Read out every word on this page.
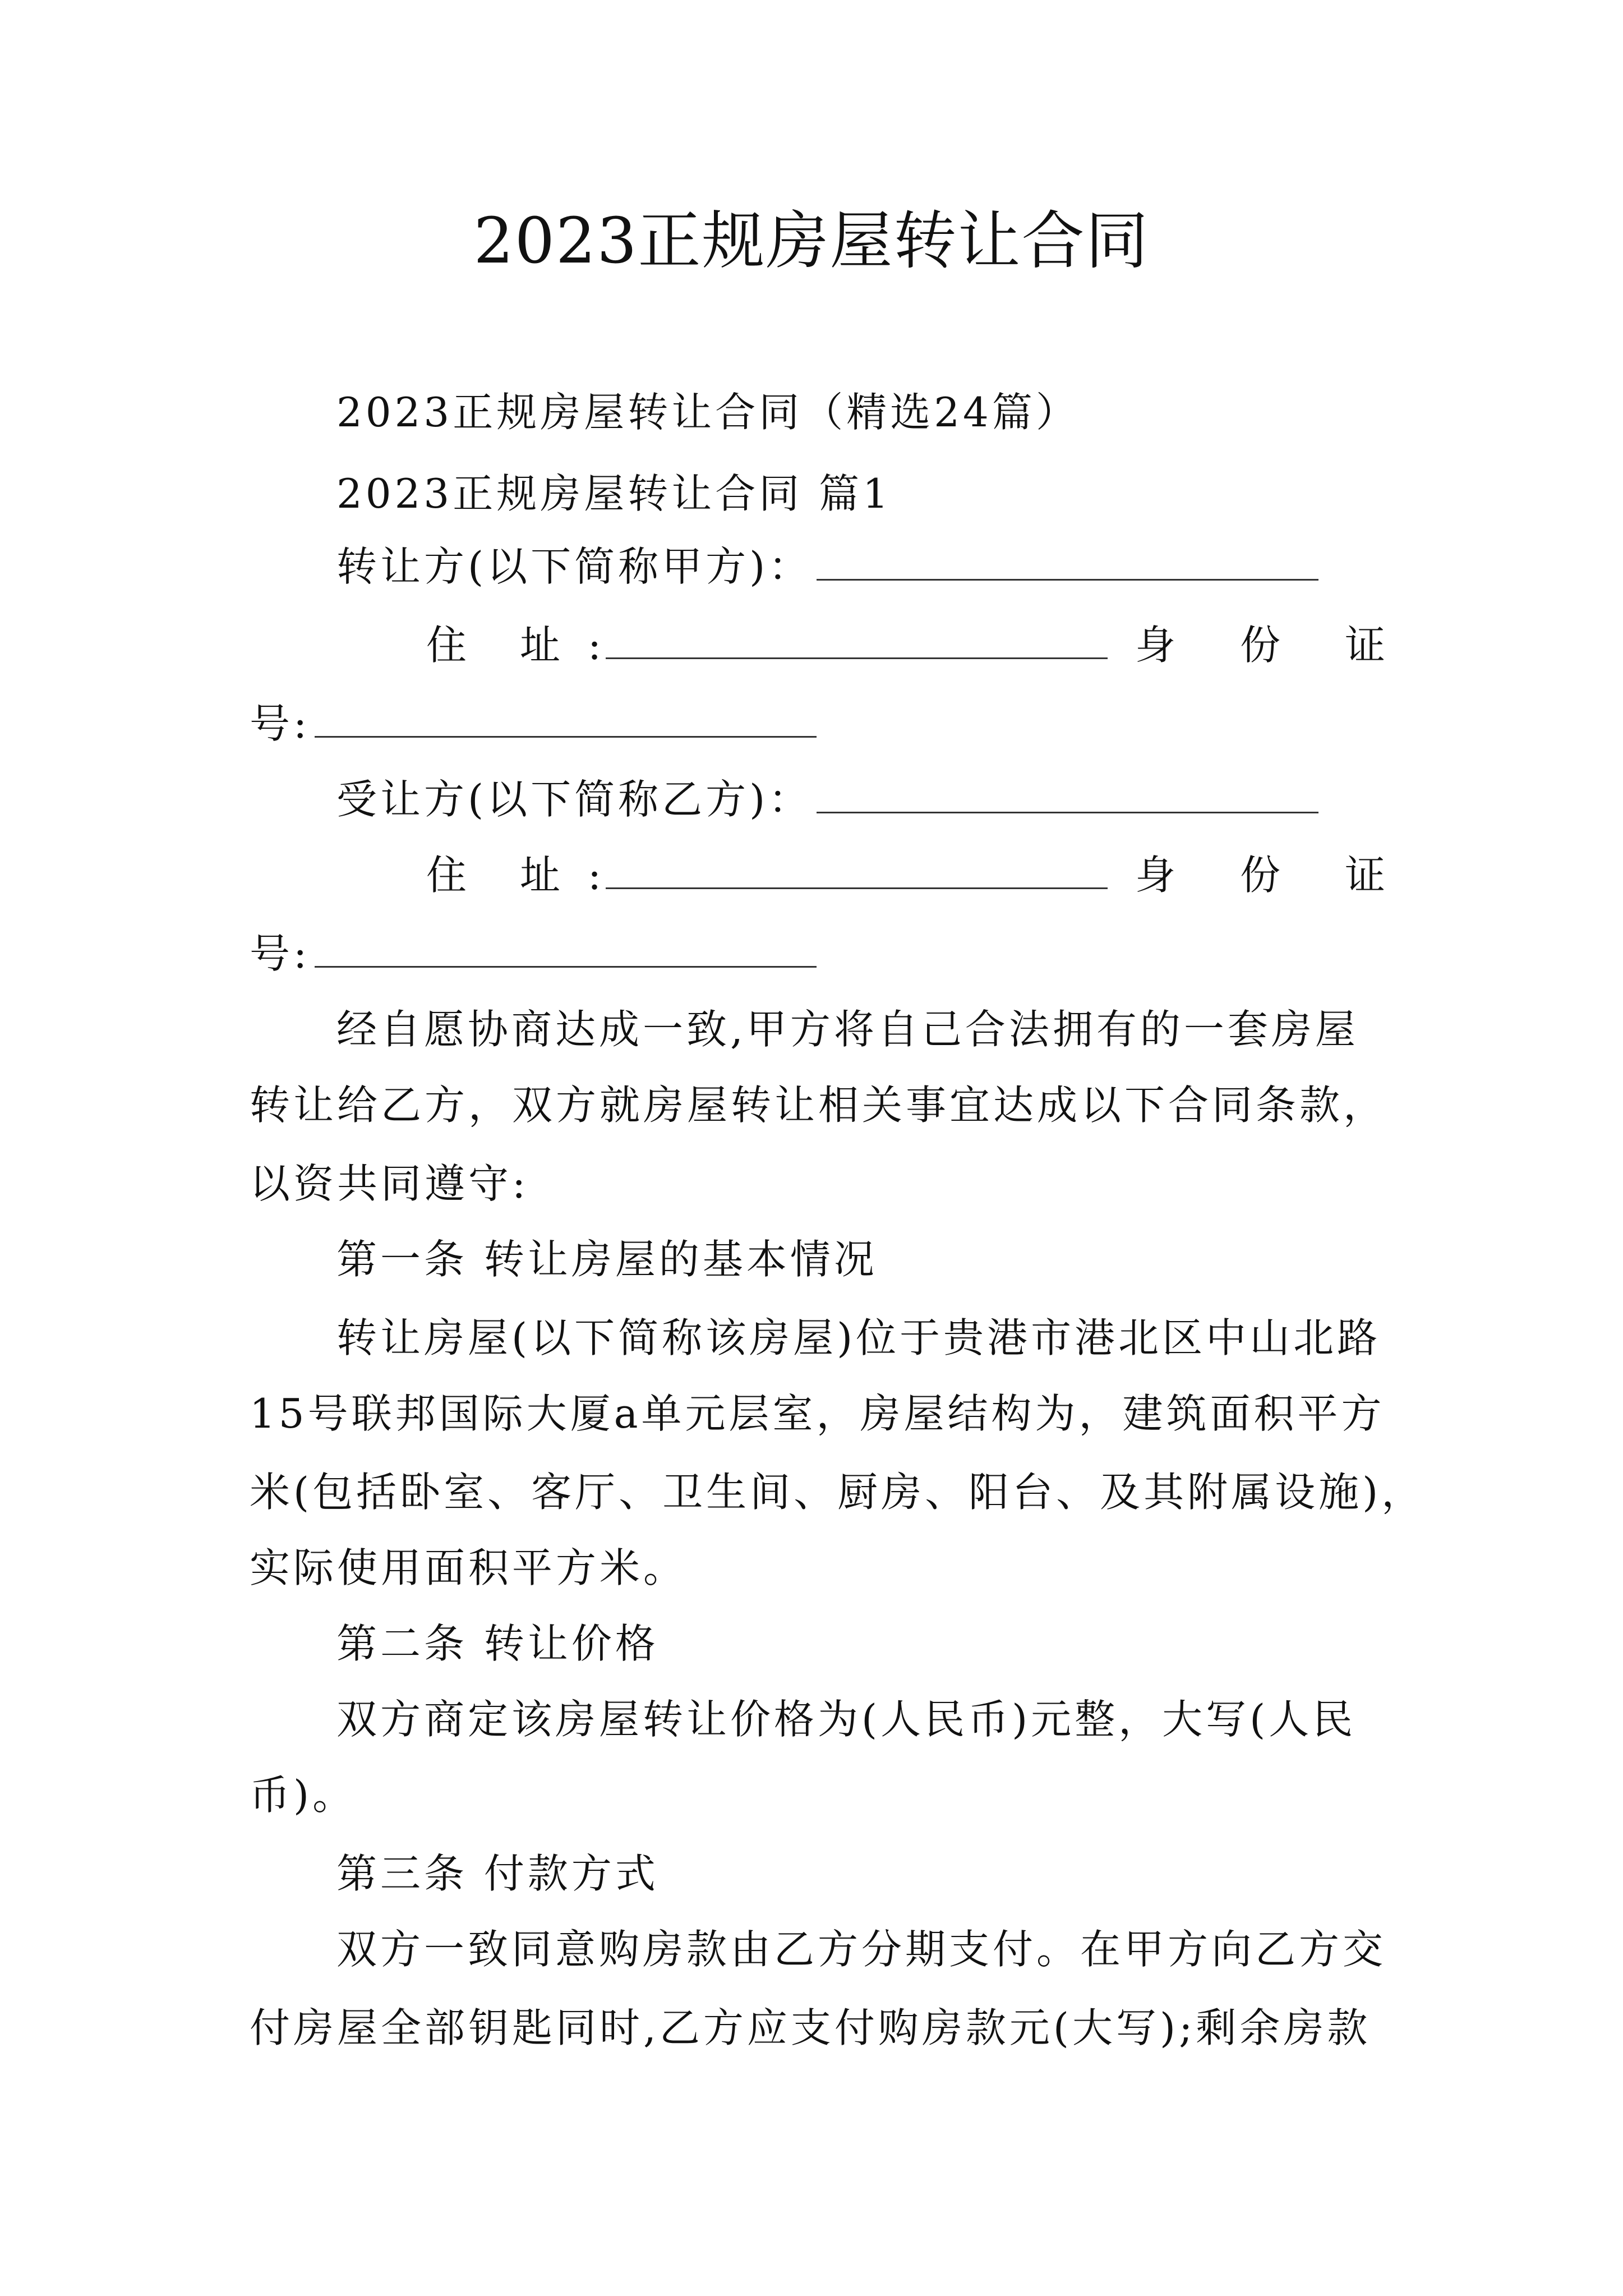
2023正规房屋转让合同
2023正规房屋转让合同（精选24篇）
2023正规房屋转让合同 篇1
转让方(以下简称甲方)：
住 址 :	身 份 证
号:
受让方(以下简称乙方)：
住 址 :	身 份 证
号:
经自愿协商达成一致,甲方将自己合法拥有的一套房屋
转让给乙方，双方就房屋转让相关事宜达成以下合同条款，
以资共同遵守:
第一条 转让房屋的基本情况
转让房屋(以下简称该房屋)位于贵港市港北区中山北路
15号联邦国际大厦a单元层室，房屋结构为，建筑面积平方
米(包括卧室、客厅、卫生间、厨房、阳台、及其附属设施)，
实际使用面积平方米。
第二条 转让价格
双方商定该房屋转让价格为(人民币)元整，大写(人民
币)。
第三条 付款方式
双方一致同意购房款由乙方分期支付。在甲方向乙方交
付房屋全部钥匙同时,乙方应支付购房款元(大写);剩余房款
